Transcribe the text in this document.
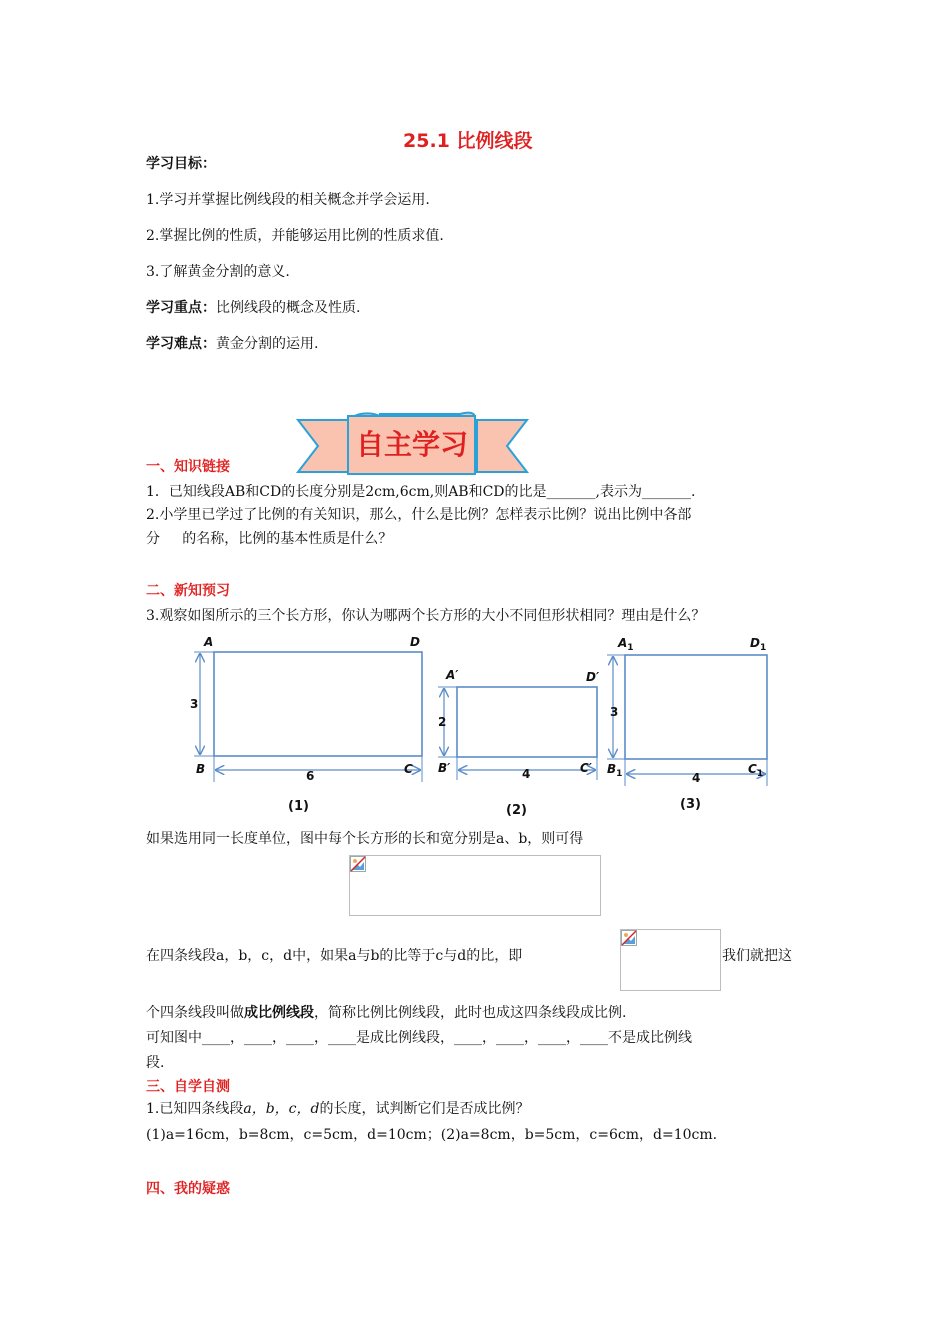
25.1 比例线段
学习目标：
1.学习并掌握比例线段的相关概念并学会运用.
2.掌握比例的性质，并能够运用比例的性质求值.
3.了解黄金分割的意义.
学习重点：比例线段的概念及性质.
学习难点：黄金分割的运用.
自主学习
一、知识链接
1．已知线段AB和CD的长度分别是2cm,6cm,则AB和CD的比是_______,表示为_______.
2.小学里已学过了比例的有关知识，那么，什么是比例？怎样表示比例？说出比例中各部
分     的名称，比例的基本性质是什么？
二、新知预习
3.观察如图所示的三个长方形，你认为哪两个长方形的大小不同但形状相同？理由是什么？
A	D
B	C
3
6
(1)
A′	D′
B′	C′
2
4
(2)
$A_1$	$D_1$
$B_1$	$C_1$
3
4
(3)
如果选用同一长度单位，图中每个长方形的长和宽分别是a、b，则可得
在四条线段a，b，c，d中，如果a与b的比等于c与d的比，即	我们就把这
个四条线段叫做成比例线段，简称比例比例线段，此时也成这四条线段成比例.
可知图中____，____，____，____是成比例线段，____，____，____，____不是成比例线
段.
三、自学自测
1.已知四条线段a，b，c，d的长度，试判断它们是否成比例？
(1)a=16cm，b=8cm，c=5cm，d=10cm；(2)a=8cm，b=5cm，c=6cm，d=10cm.
四、我的疑惑
